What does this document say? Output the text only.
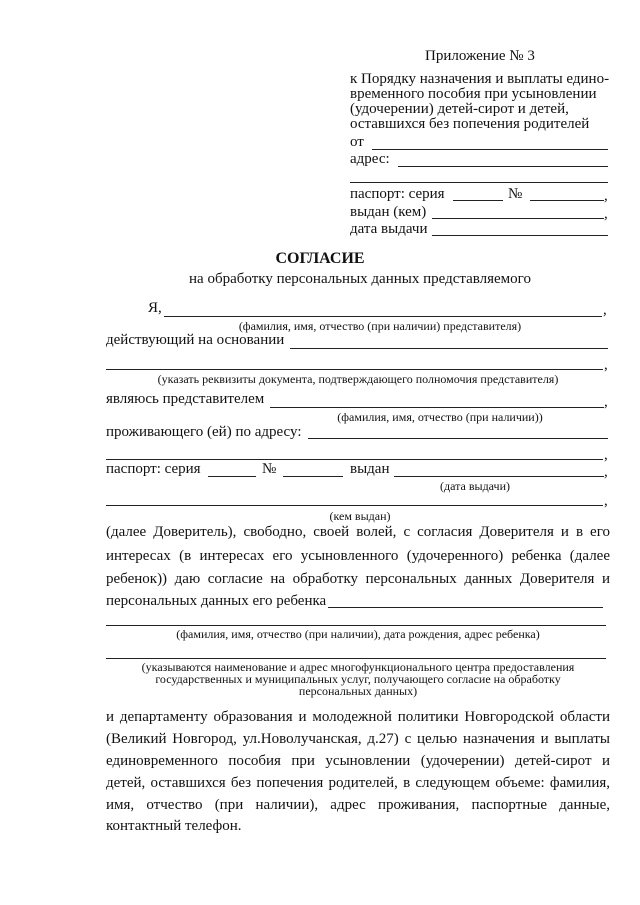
Приложение № 3
к Порядку назначения и выплаты едино-
временного пособия при усыновлении
(удочерении) детей-сирот и детей,
оставшихся без попечения родителей
от
адрес:
паспорт: серия	№	,
выдан (кем)	,
дата выдачи
СОГЛАСИЕ
на обработку персональных данных представляемого
Я,	,
(фамилия, имя, отчество (при наличии) представителя)
действующий на основании
,
(указать реквизиты документа, подтверждающего полномочия представителя)
являюсь представителем	,
(фамилия, имя, отчество (при наличии))
проживающего (ей) по адресу:
,
паспорт: серия	№	выдан	,
(дата выдачи)
,
(кем выдан)
(далее Доверитель), свободно, своей волей, с согласия Доверителя и в его
интересах (в интересах его усыновленного (удочеренного) ребенка (далее
ребенок)) даю согласие на обработку персональных данных Доверителя и
персональных данных его ребенка
(фамилия, имя, отчество (при наличии), дата рождения, адрес ребенка)
(указываются наименование и адрес многофункционального центра предоставления
государственных и муниципальных услуг, получающего согласие на обработку
персональных данных)
и департаменту образования и молодежной политики Новгородской области
(Великий Новгород, ул.Новолучанская, д.27) с целью назначения и выплаты
единовременного пособия при усыновлении (удочерении) детей-сирот и
детей, оставшихся без попечения родителей, в следующем объеме: фамилия,
имя, отчество (при наличии), адрес проживания, паспортные данные,
контактный телефон.
